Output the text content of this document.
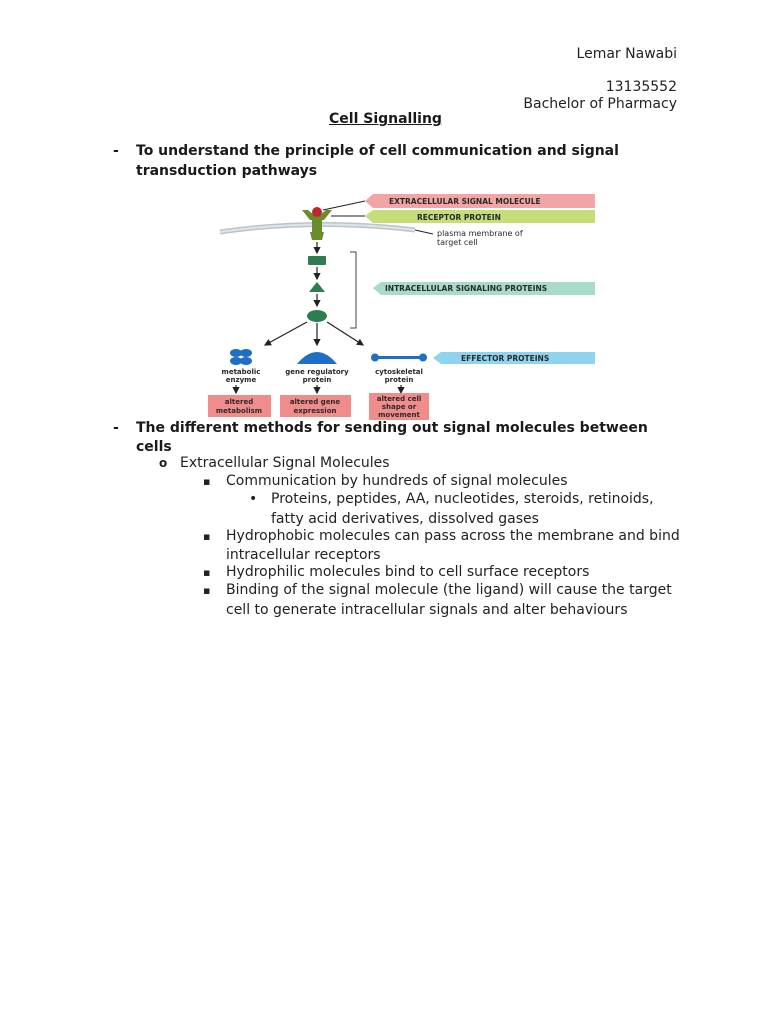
Lemar Nawabi
13135552
Bachelor of Pharmacy
Cell Signalling
- To understand the principle of cell communication and signal
transduction pathways
EXTRACELLULAR SIGNAL MOLECULE
RECEPTOR PROTEIN
plasma membrane of
target cell
INTRACELLULAR SIGNALING PROTEINS
EFFECTOR PROTEINS
metabolic
enzyme
gene regulatory
protein
cytoskeletal
protein
altered
metabolism
altered gene
expression
altered cell
shape or
movement
- The different methods for sending out signal molecules between
cells
o Extracellular Signal Molecules
▪ Communication by hundreds of signal molecules
• Proteins, peptides, AA, nucleotides, steroids, retinoids,
fatty acid derivatives, dissolved gases
▪ Hydrophobic molecules can pass across the membrane and bind
intracellular receptors
▪ Hydrophilic molecules bind to cell surface receptors
▪ Binding of the signal molecule (the ligand) will cause the target
cell to generate intracellular signals and alter behaviours
